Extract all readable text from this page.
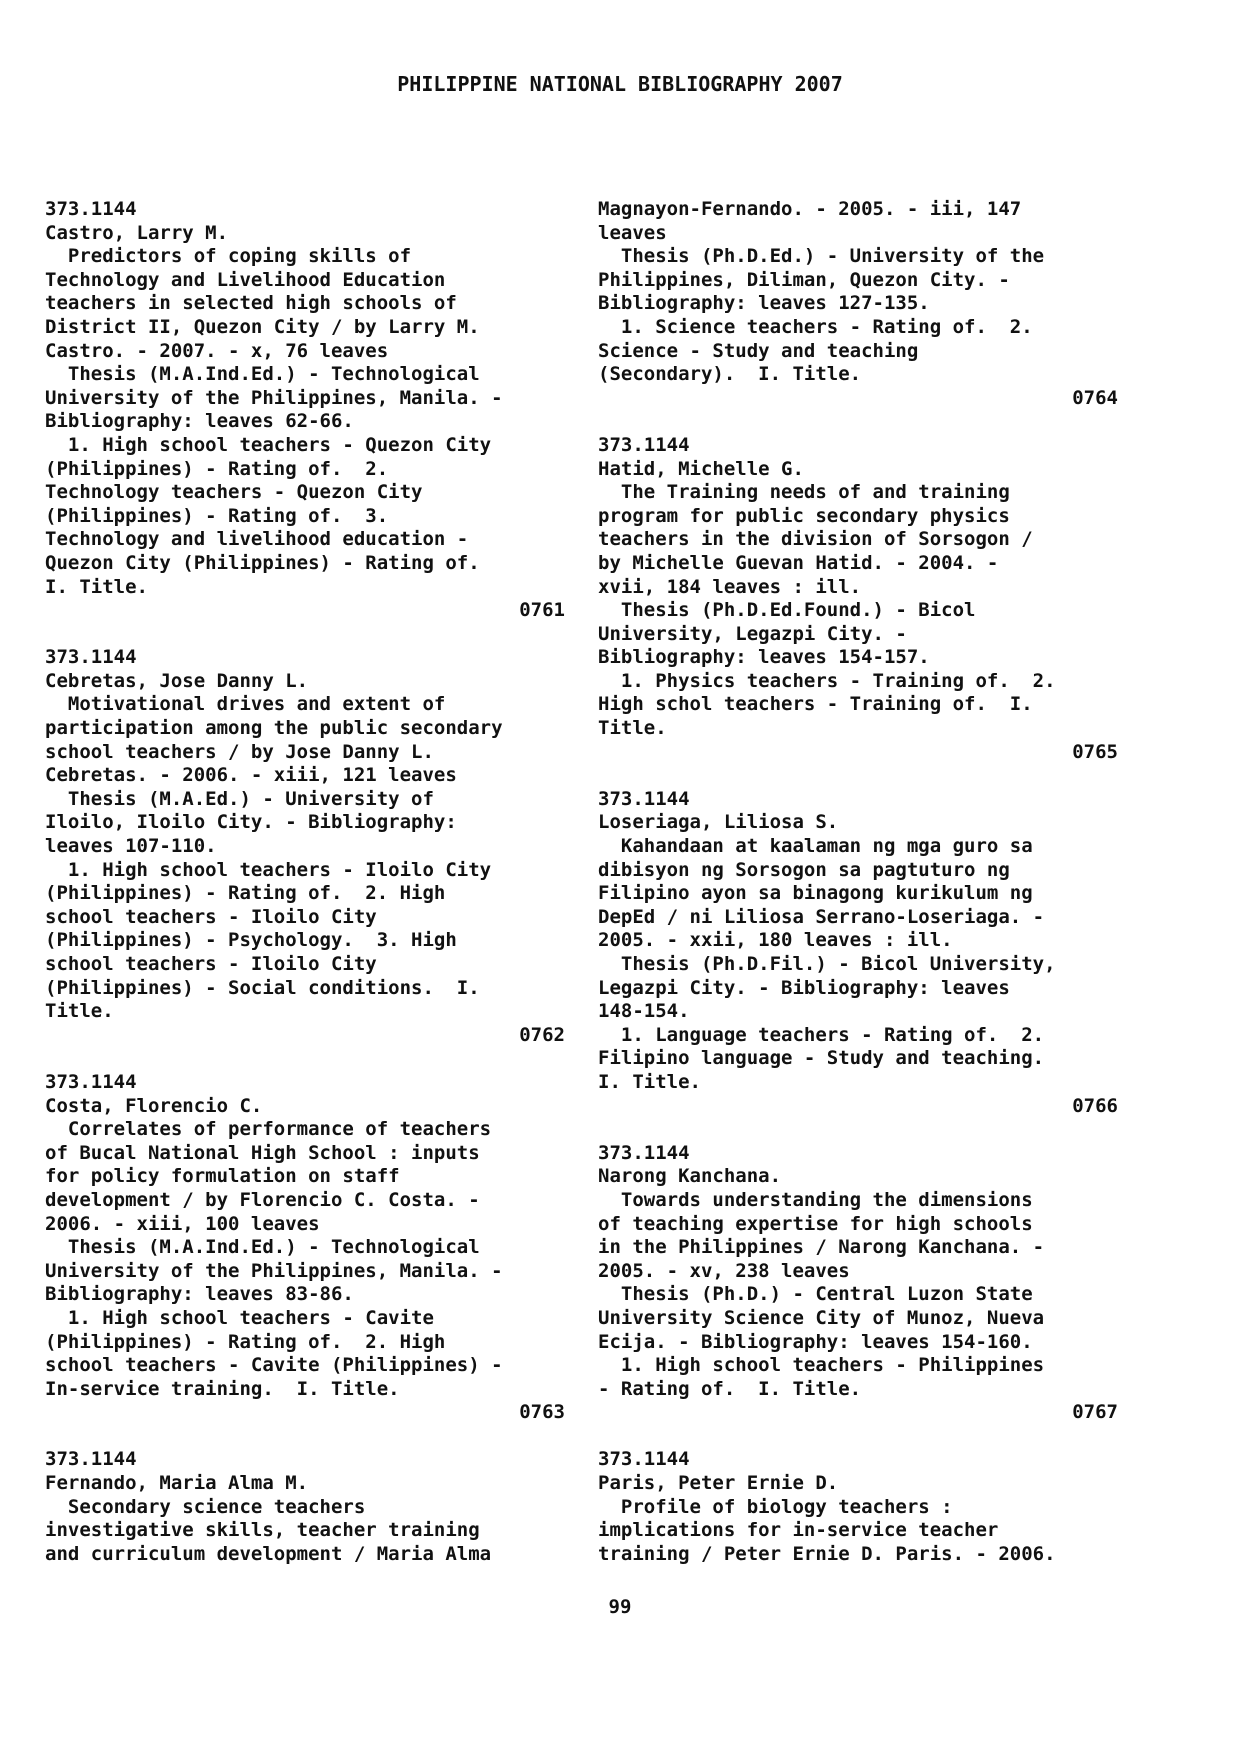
PHILIPPINE NATIONAL BIBLIOGRAPHY 2007
373.1144
Castro, Larry M.
Predictors of coping skills of
Technology and Livelihood Education
teachers in selected high schools of
District II, Quezon City / by Larry M.
Castro. - 2007. - x, 76 leaves
Thesis (M.A.Ind.Ed.) - Technological
University of the Philippines, Manila. -
Bibliography: leaves 62-66.
1. High school teachers - Quezon City
(Philippines) - Rating of.  2.
Technology teachers - Quezon City
(Philippines) - Rating of.  3.
Technology and livelihood education -
Quezon City (Philippines) - Rating of.
I. Title.
0761
373.1144
Cebretas, Jose Danny L.
Motivational drives and extent of
participation among the public secondary
school teachers / by Jose Danny L.
Cebretas. - 2006. - xiii, 121 leaves
Thesis (M.A.Ed.) - University of
Iloilo, Iloilo City. - Bibliography:
leaves 107-110.
1. High school teachers - Iloilo City
(Philippines) - Rating of.  2. High
school teachers - Iloilo City
(Philippines) - Psychology.  3. High
school teachers - Iloilo City
(Philippines) - Social conditions.  I.
Title.
0762
373.1144
Costa, Florencio C.
Correlates of performance of teachers
of Bucal National High School : inputs
for policy formulation on staff
development / by Florencio C. Costa. -
2006. - xiii, 100 leaves
Thesis (M.A.Ind.Ed.) - Technological
University of the Philippines, Manila. -
Bibliography: leaves 83-86.
1. High school teachers - Cavite
(Philippines) - Rating of.  2. High
school teachers - Cavite (Philippines) -
In-service training.  I. Title.
0763
373.1144
Fernando, Maria Alma M.
Secondary science teachers
investigative skills, teacher training
and curriculum development / Maria Alma
Magnayon-Fernando. - 2005. - iii, 147
leaves
Thesis (Ph.D.Ed.) - University of the
Philippines, Diliman, Quezon City. -
Bibliography: leaves 127-135.
1. Science teachers - Rating of.  2.
Science - Study and teaching
(Secondary).  I. Title.
0764
373.1144
Hatid, Michelle G.
The Training needs of and training
program for public secondary physics
teachers in the division of Sorsogon /
by Michelle Guevan Hatid. - 2004. -
xvii, 184 leaves : ill.
Thesis (Ph.D.Ed.Found.) - Bicol
University, Legazpi City. -
Bibliography: leaves 154-157.
1. Physics teachers - Training of.  2.
High schol teachers - Training of.  I.
Title.
0765
373.1144
Loseriaga, Liliosa S.
Kahandaan at kaalaman ng mga guro sa
dibisyon ng Sorsogon sa pagtuturo ng
Filipino ayon sa binagong kurikulum ng
DepEd / ni Liliosa Serrano-Loseriaga. -
2005. - xxii, 180 leaves : ill.
Thesis (Ph.D.Fil.) - Bicol University,
Legazpi City. - Bibliography: leaves
148-154.
1. Language teachers - Rating of.  2.
Filipino language - Study and teaching.
I. Title.
0766
373.1144
Narong Kanchana.
Towards understanding the dimensions
of teaching expertise for high schools
in the Philippines / Narong Kanchana. -
2005. - xv, 238 leaves
Thesis (Ph.D.) - Central Luzon State
University Science City of Munoz, Nueva
Ecija. - Bibliography: leaves 154-160.
1. High school teachers - Philippines
- Rating of.  I. Title.
0767
373.1144
Paris, Peter Ernie D.
Profile of biology teachers :
implications for in-service teacher
training / Peter Ernie D. Paris. - 2006.
99
